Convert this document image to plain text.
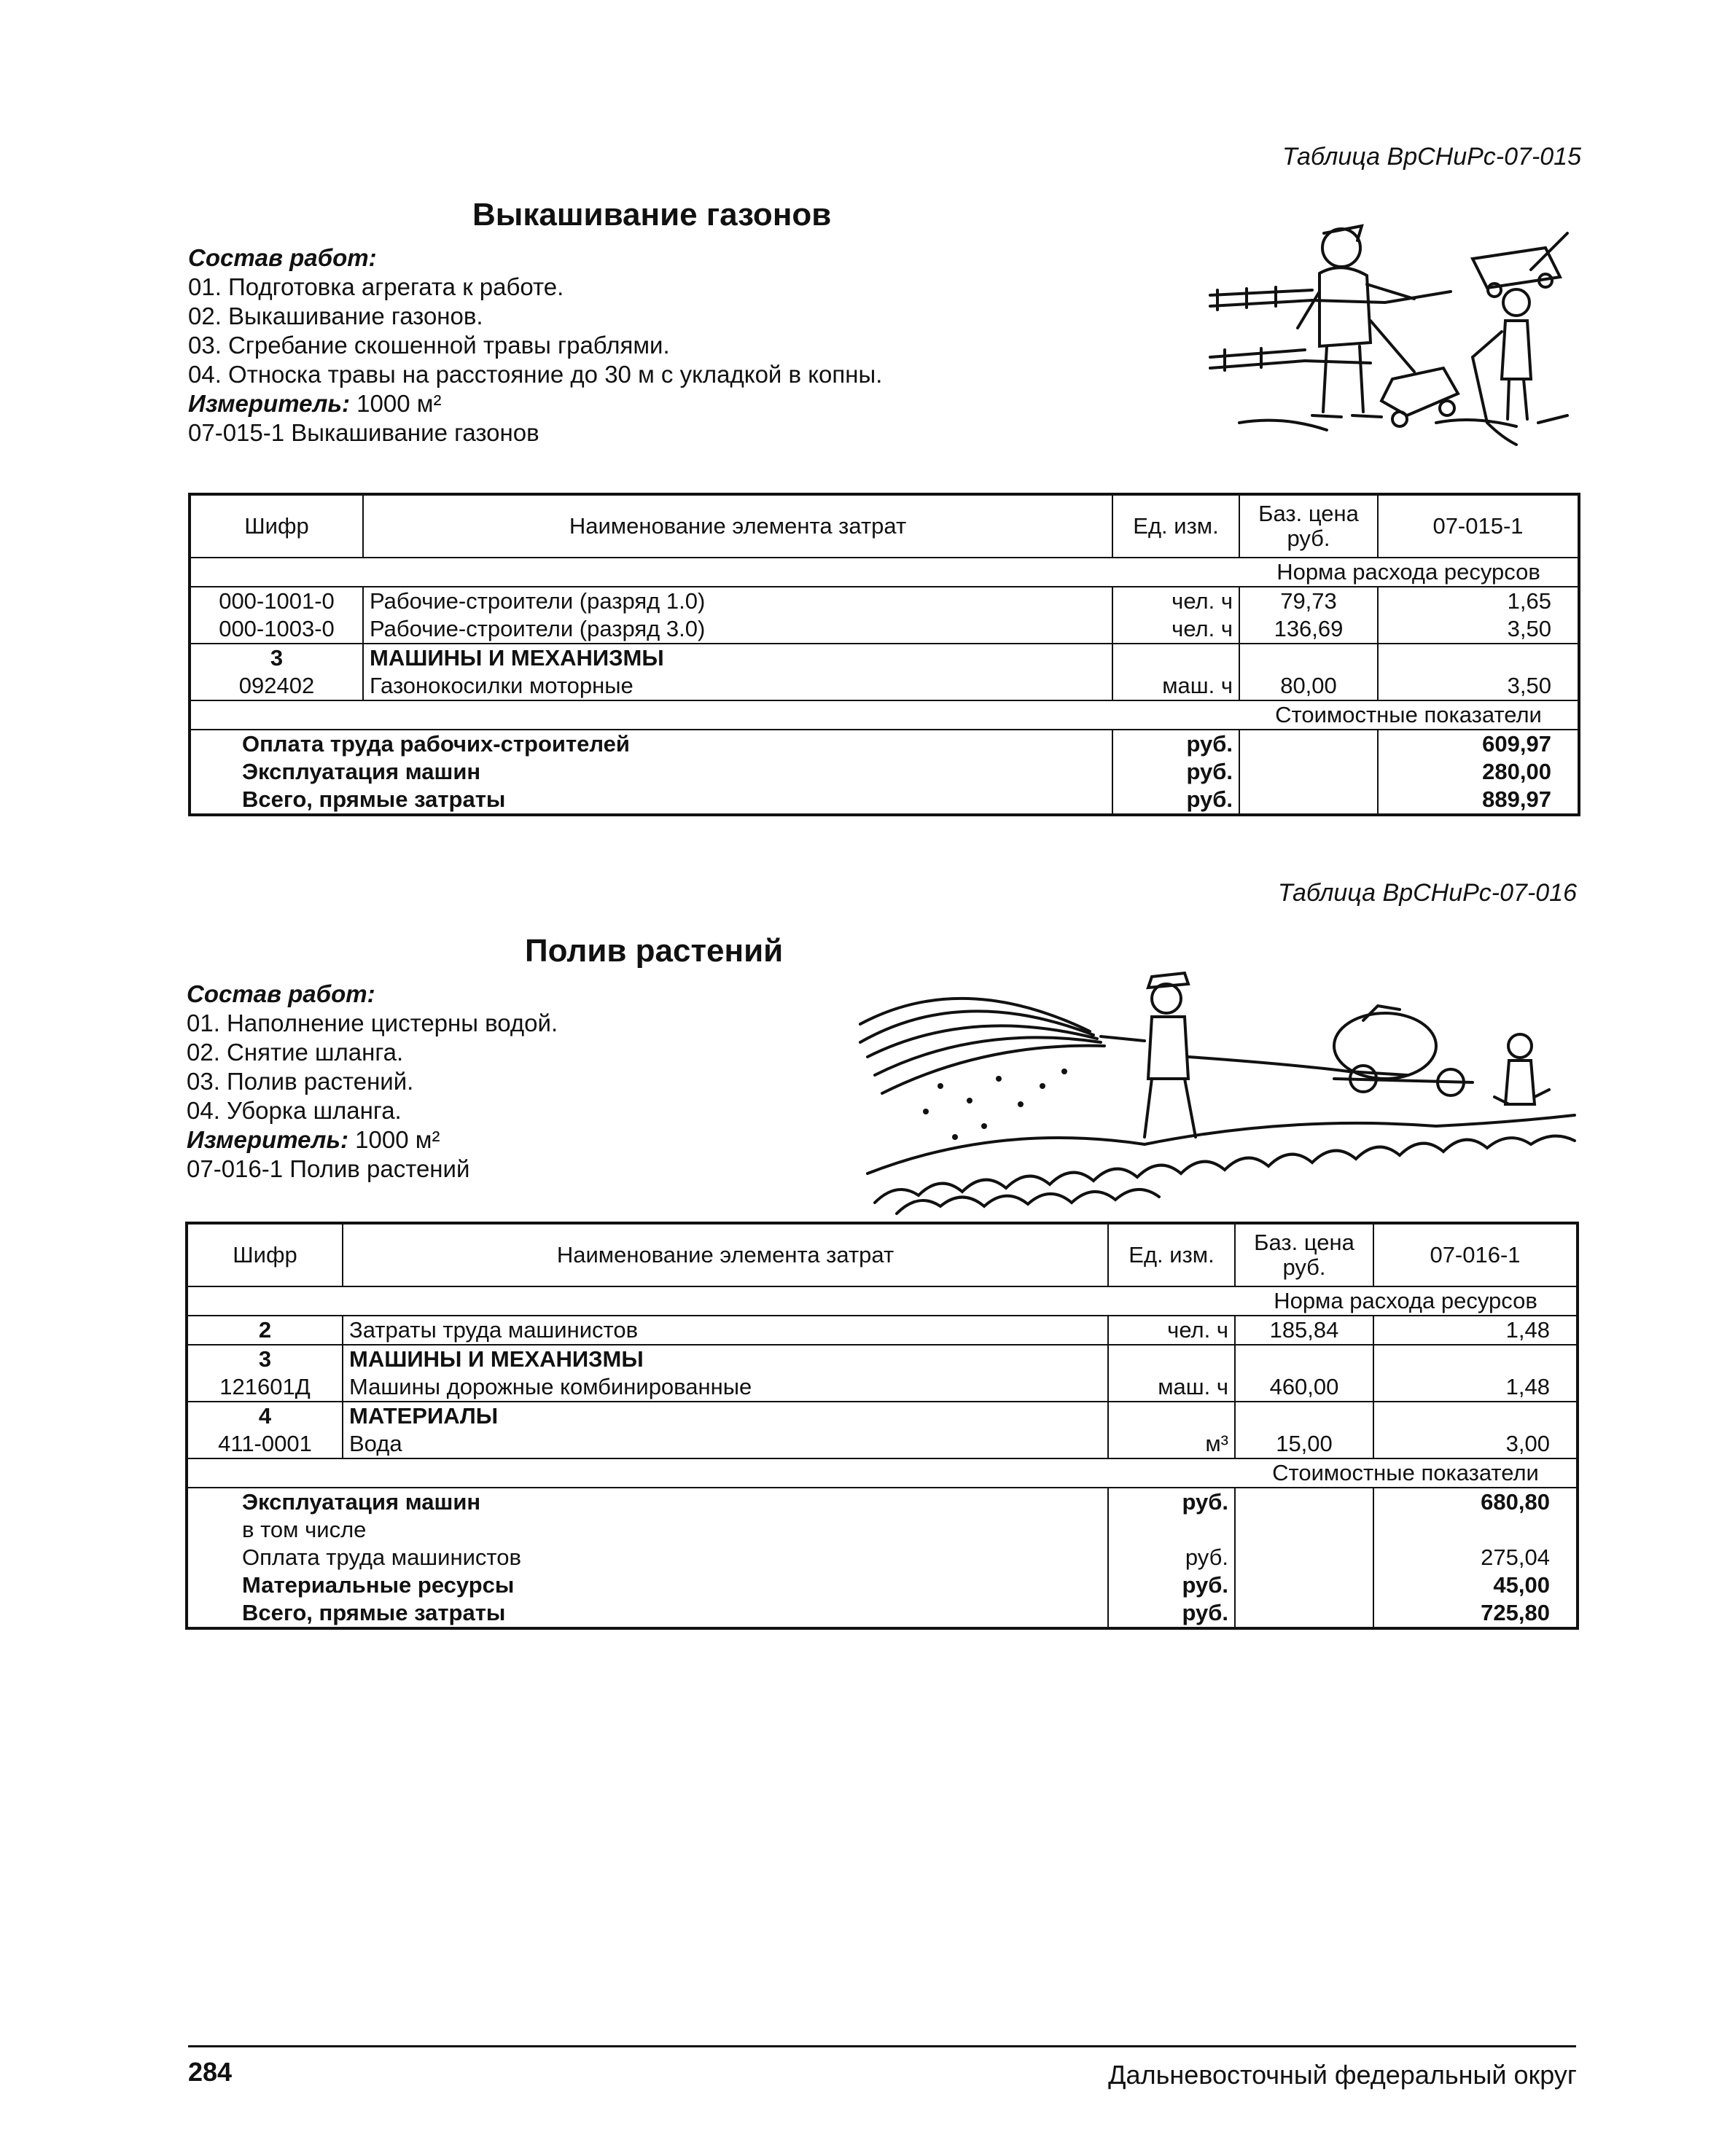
Таблица ВрСНиРс-07-015
Выкашивание газонов
Состав работ:
01. Подготовка агрегата к работе.
02. Выкашивание газонов.
03. Сгребание скошенной травы граблями.
04. Относка травы на расстояние до 30 м с укладкой в копны.
Измеритель: 1000 м²
07-015-1 Выкашивание газонов
Шифр	Наименование элемента затрат	Ед. изм.	Баз. цена руб.	07-015-1
			Норма расхода ресурсов	
000-1001-0	Рабочие-строители (разряд 1.0)	чел. ч	79,73	1,65
000-1003-0	Рабочие-строители (разряд 3.0)	чел. ч	136,69	3,50
3	МАШИНЫ И МЕХАНИЗМЫ			
092402	Газонокосилки моторные	маш. ч	80,00	3,50
			Стоимостные показатели	
Оплата труда рабочих-строителей		руб.		609,97
Эксплуатация машин		руб.		280,00
Всего, прямые затраты		руб.		889,97
Таблица ВрСНиРс-07-016
Полив растений
Состав работ:
01. Наполнение цистерны водой.
02. Снятие шланга.
03. Полив растений.
04. Уборка шланга.
Измеритель: 1000 м²
07-016-1 Полив растений
Шифр	Наименование элемента затрат	Ед. изм.	Баз. цена руб.	07-016-1
			Норма расхода ресурсов	
2	Затраты труда машинистов	чел. ч	185,84	1,48
3	МАШИНЫ И МЕХАНИЗМЫ			
121601Д	Машины дорожные комбинированные	маш. ч	460,00	1,48
4	МАТЕРИАЛЫ			
411-0001	Вода	м³	15,00	3,00
			Стоимостные показатели	
Эксплуатация машин		руб.		680,80
в том числе				
Оплата труда машинистов		руб.		275,04
Материальные ресурсы		руб.		45,00
Всего, прямые затраты		руб.		725,80
284	Дальневосточный федеральный округ
